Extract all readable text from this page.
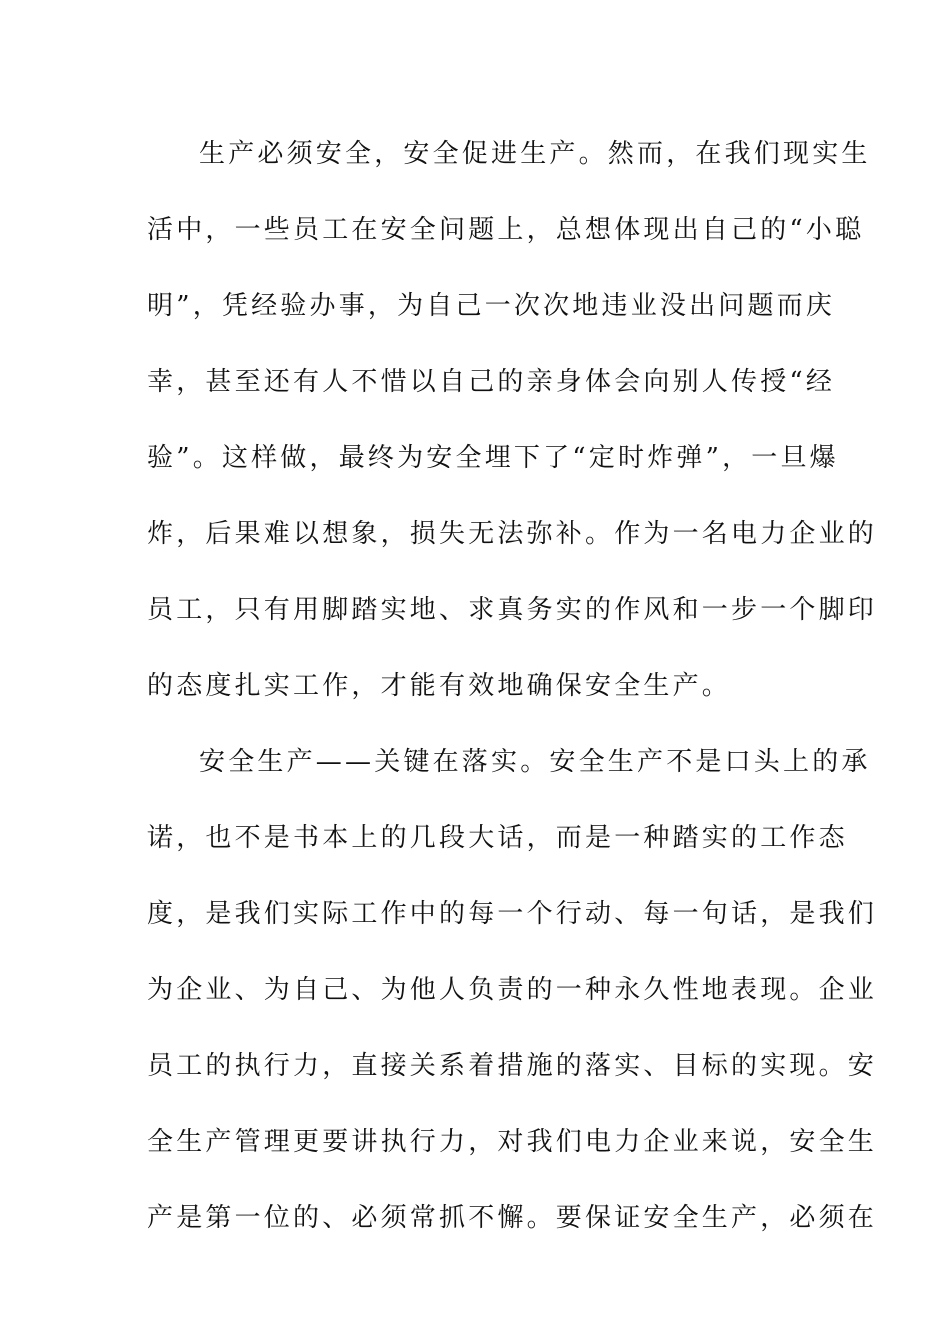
生产必须安全，安全促进生产。然而，在我们现实生
活中，一些员工在安全问题上，总想体现出自己的“小聪
明”，凭经验办事，为自己一次次地违业没出问题而庆
幸，甚至还有人不惜以自己的亲身体会向别人传授“经
验”。这样做，最终为安全埋下了“定时炸弹”，一旦爆
炸，后果难以想象，损失无法弥补。作为一名电力企业的
员工，只有用脚踏实地、求真务实的作风和一步一个脚印
的态度扎实工作，才能有效地确保安全生产。
安全生产——关键在落实。安全生产不是口头上的承
诺，也不是书本上的几段大话，而是一种踏实的工作态
度，是我们实际工作中的每一个行动、每一句话，是我们
为企业、为自己、为他人负责的一种永久性地表现。企业
员工的执行力，直接关系着措施的落实、目标的实现。安
全生产管理更要讲执行力，对我们电力企业来说，安全生
产是第一位的、必须常抓不懈。要保证安全生产，必须在
